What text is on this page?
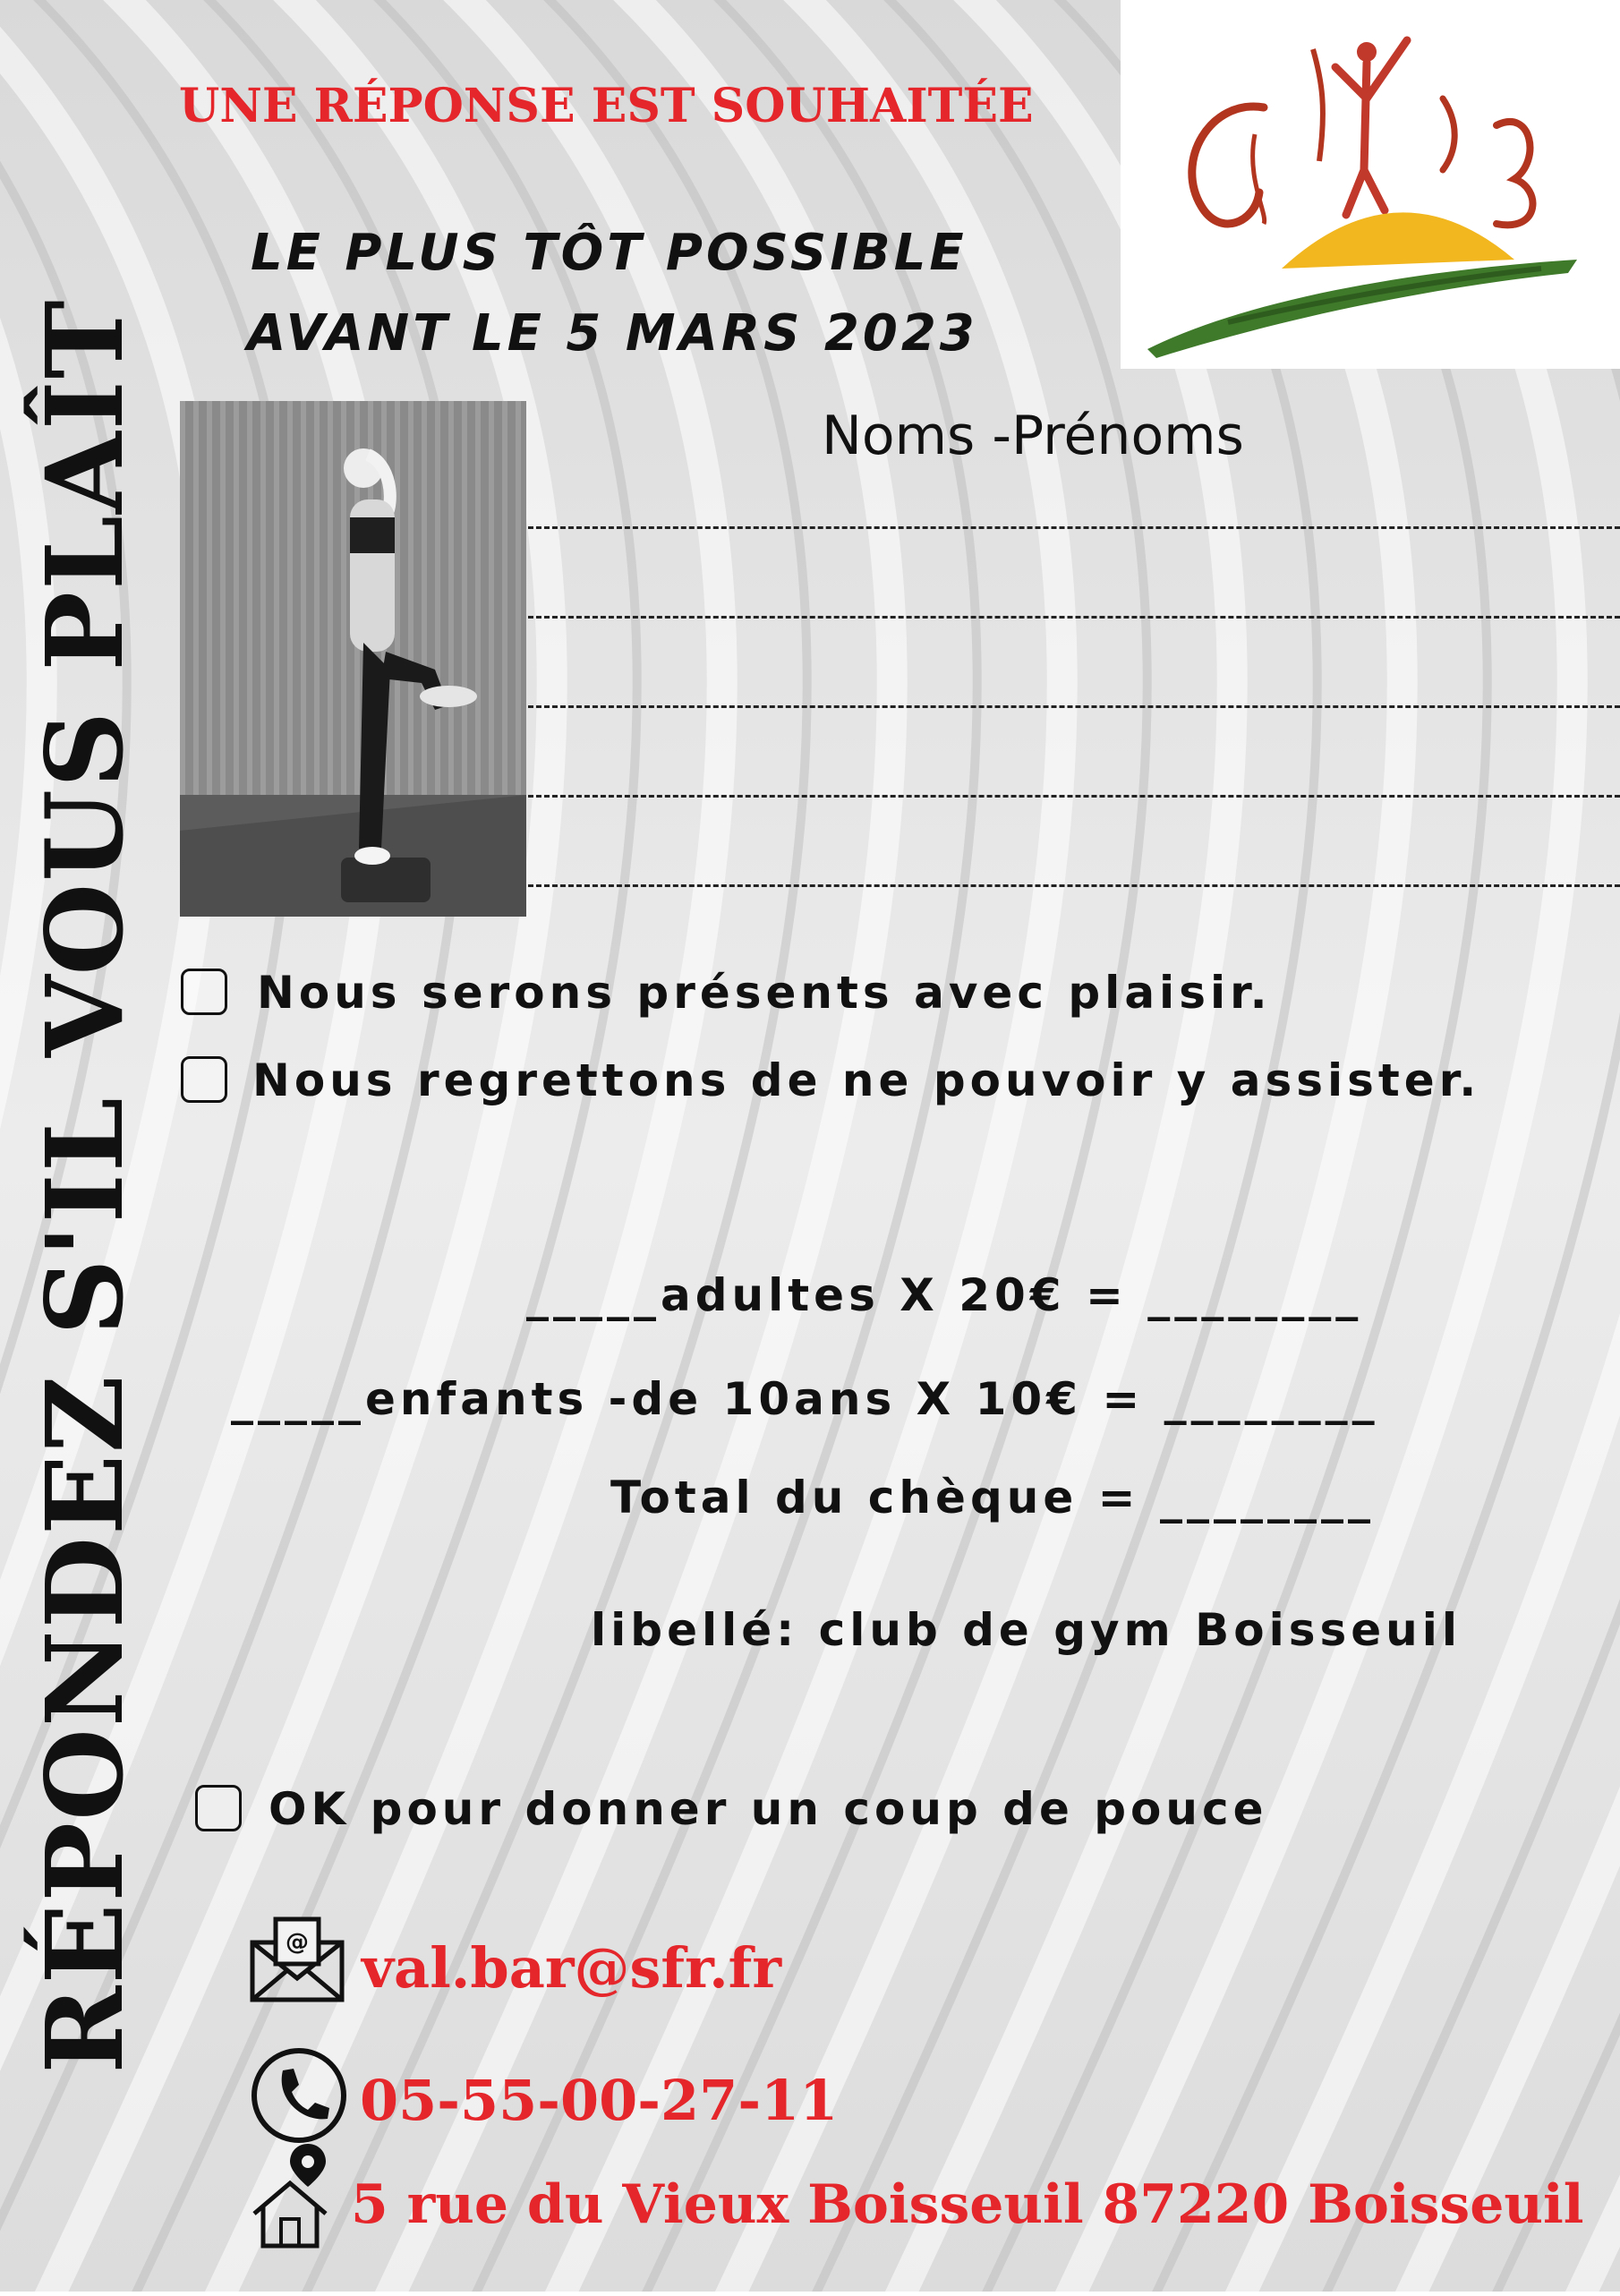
RÉPONDEZ S'IL VOUS PLAÎT
UNE RÉPONSE EST SOUHAITÉE
LE PLUS TÔT POSSIBLE
AVANT LE 5 MARS 2023
Noms -Prénoms
Nous serons présents avec plaisir.
Nous regrettons de ne pouvoir y assister.
_____adultes X 20€ = ________
_____enfants -de 10ans X 10€ = ________
Total du chèque = ________
libellé: club de gym Boisseuil
OK pour donner un coup de pouce
@ val.bar@sfr.fr
05-55-00-27-11
5 rue du Vieux Boisseuil 87220 Boisseuil
